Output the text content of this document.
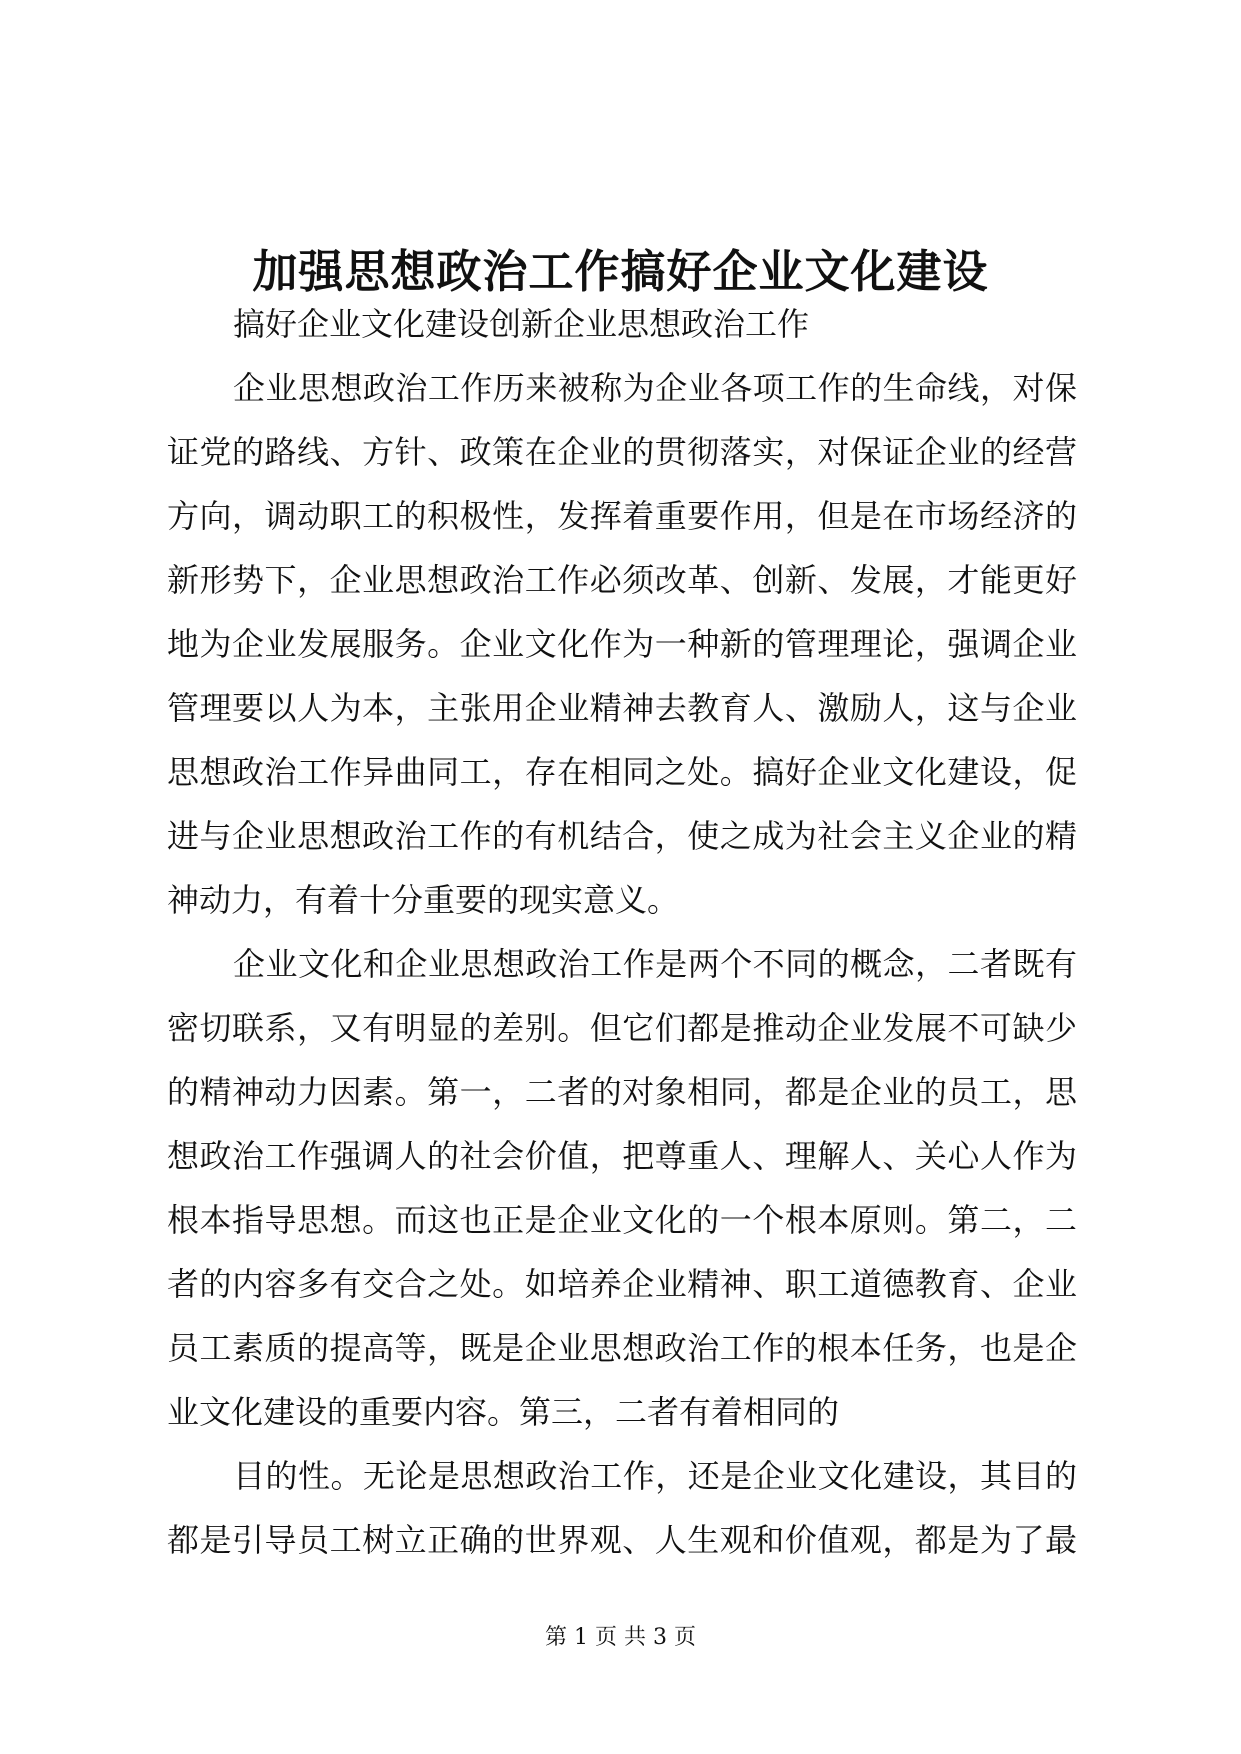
加强思想政治工作搞好企业文化建设
搞好企业文化建设创新企业思想政治工作
企业思想政治工作历来被称为企业各项工作的生命线，对保
证党的路线、方针、政策在企业的贯彻落实，对保证企业的经营
方向，调动职工的积极性，发挥着重要作用，但是在市场经济的
新形势下，企业思想政治工作必须改革、创新、发展，才能更好
地为企业发展服务。企业文化作为一种新的管理理论，强调企业
管理要以人为本，主张用企业精神去教育人、激励人，这与企业
思想政治工作异曲同工，存在相同之处。搞好企业文化建设，促
进与企业思想政治工作的有机结合，使之成为社会主义企业的精
神动力，有着十分重要的现实意义。
企业文化和企业思想政治工作是两个不同的概念，二者既有
密切联系，又有明显的差别。但它们都是推动企业发展不可缺少
的精神动力因素。第一，二者的对象相同，都是企业的员工，思
想政治工作强调人的社会价值，把尊重人、理解人、关心人作为
根本指导思想。而这也正是企业文化的一个根本原则。第二，二
者的内容多有交合之处。如培养企业精神、职工道德教育、企业
员工素质的提高等，既是企业思想政治工作的根本任务，也是企
业文化建设的重要内容。第三，二者有着相同的
目的性。无论是思想政治工作，还是企业文化建设，其目的
都是引导员工树立正确的世界观、人生观和价值观，都是为了最
第 1 页 共 3 页
